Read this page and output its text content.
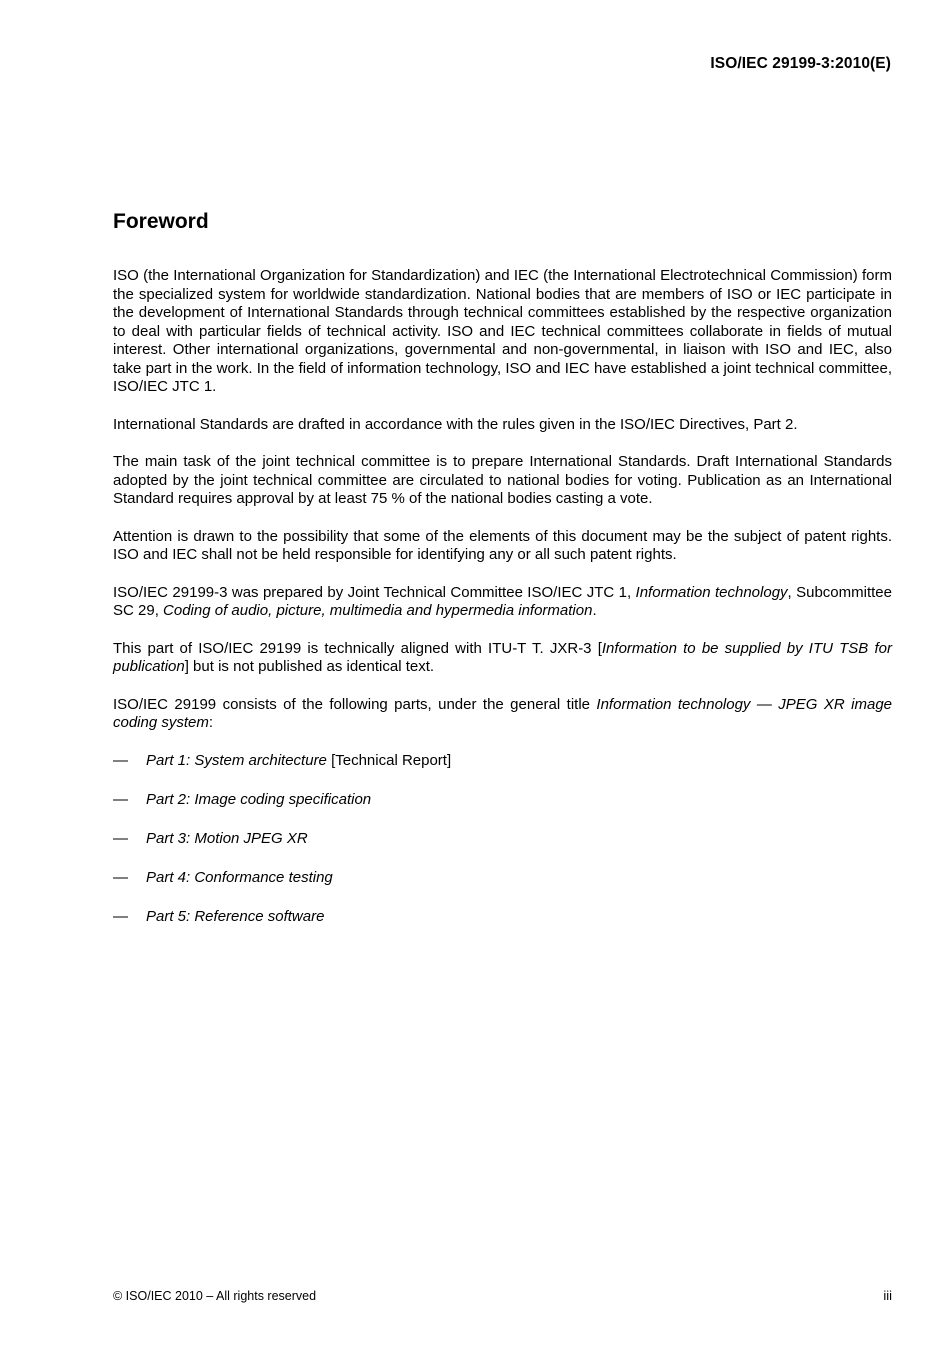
ISO/IEC 29199-3:2010(E)
Foreword

ISO (the International Organization for Standardization) and IEC (the International Electrotechnical Commission) form the specialized system for worldwide standardization. National bodies that are members of ISO or IEC participate in the development of International Standards through technical committees established by the respective organization to deal with particular fields of technical activity. ISO and IEC technical committees collaborate in fields of mutual interest. Other international organizations, governmental and non-governmental, in liaison with ISO and IEC, also take part in the work. In the field of information technology, ISO and IEC have established a joint technical committee, ISO/IEC JTC 1.

International Standards are drafted in accordance with the rules given in the ISO/IEC Directives, Part 2.

The main task of the joint technical committee is to prepare International Standards. Draft International Standards adopted by the joint technical committee are circulated to national bodies for voting. Publication as an International Standard requires approval by at least 75 % of the national bodies casting a vote.

Attention is drawn to the possibility that some of the elements of this document may be the subject of patent rights. ISO and IEC shall not be held responsible for identifying any or all such patent rights.

ISO/IEC 29199-3 was prepared by Joint Technical Committee ISO/IEC JTC 1, Information technology, Subcommittee SC 29, Coding of audio, picture, multimedia and hypermedia information.

This part of ISO/IEC 29199 is technically aligned with ITU-T T. JXR-3 [Information to be supplied by ITU TSB for publication] but is not published as identical text.

ISO/IEC 29199 consists of the following parts, under the general title Information technology — JPEG XR image coding system:

—	Part 1: System architecture [Technical Report]
—	Part 2: Image coding specification
—	Part 3: Motion JPEG XR
—	Part 4: Conformance testing
—	Part 5: Reference software
© ISO/IEC 2010 – All rights reserved	iii
